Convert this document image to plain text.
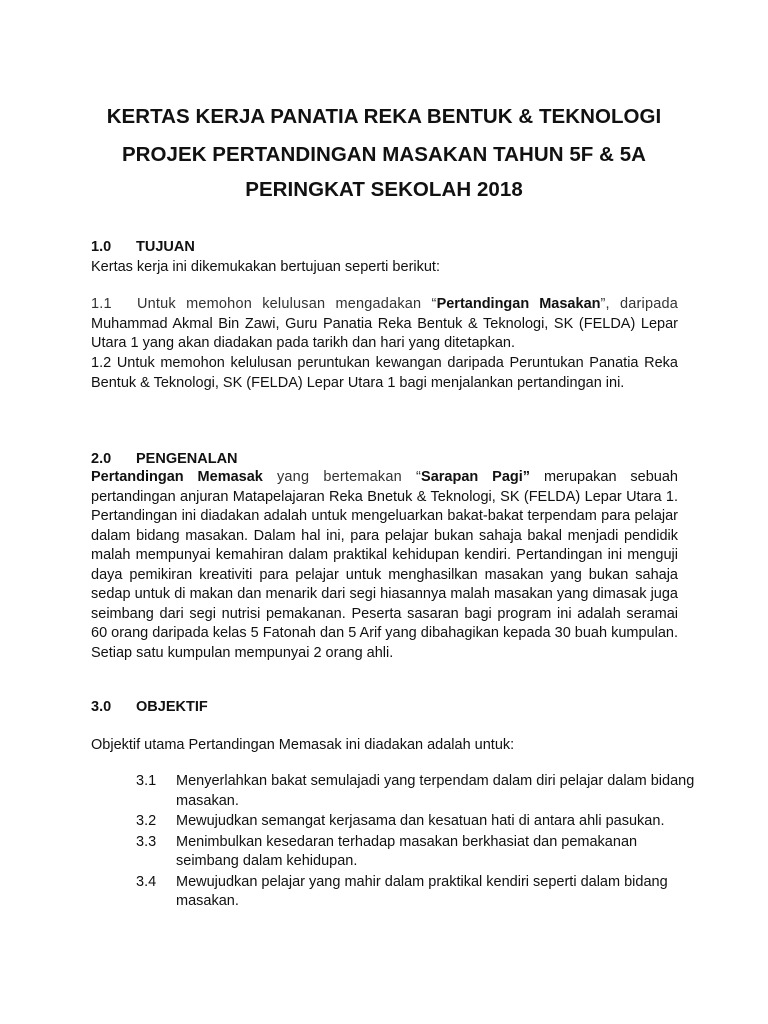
KERTAS KERJA PANATIA REKA BENTUK & TEKNOLOGI
PROJEK PERTANDINGAN MASAKAN TAHUN 5F & 5A
PERINGKAT SEKOLAH 2018
1.0 TUJUAN

Kertas kerja ini dikemukakan bertujuan seperti berikut:

1.1 Untuk memohon kelulusan mengadakan “Pertandingan Masakan”, daripada Muhammad Akmal Bin Zawi, Guru Panatia Reka Bentuk & Teknologi, SK (FELDA) Lepar Utara 1 yang akan diadakan pada tarikh dan hari yang ditetapkan.

1.2 Untuk memohon kelulusan peruntukan kewangan daripada Peruntukan Panatia Reka Bentuk & Teknologi, SK (FELDA) Lepar Utara 1 bagi menjalankan pertandingan ini.

2.0 PENGENALAN

Pertandingan Memasak yang bertemakan “Sarapan Pagi” merupakan sebuah pertandingan anjuran Matapelajaran Reka Bnetuk & Teknologi, SK (FELDA) Lepar Utara 1. Pertandingan ini diadakan adalah untuk mengeluarkan bakat-bakat terpendam para pelajar dalam bidang masakan. Dalam hal ini, para pelajar bukan sahaja bakal menjadi pendidik malah mempunyai kemahiran dalam praktikal kehidupan kendiri. Pertandingan ini menguji daya pemikiran kreativiti para pelajar untuk menghasilkan masakan yang bukan sahaja sedap untuk di makan dan menarik dari segi hiasannya malah masakan yang dimasak juga seimbang dari segi nutrisi pemakanan. Peserta sasaran bagi program ini adalah seramai 60 orang daripada kelas 5 Fatonah dan 5 Arif yang dibahagikan kepada 30 buah kumpulan. Setiap satu kumpulan mempunyai 2 orang ahli.

3.0 OBJEKTIF

Objektif utama Pertandingan Memasak ini diadakan adalah untuk:

3.1 Menyerlahkan bakat semulajadi yang terpendam dalam diri pelajar dalam bidang masakan.
3.2 Mewujudkan semangat kerjasama dan kesatuan hati di antara ahli pasukan.
3.3 Menimbulkan kesedaran terhadap masakan berkhasiat dan pemakanan seimbang dalam kehidupan.
3.4 Mewujudkan pelajar yang mahir dalam praktikal kendiri seperti dalam bidang masakan.
